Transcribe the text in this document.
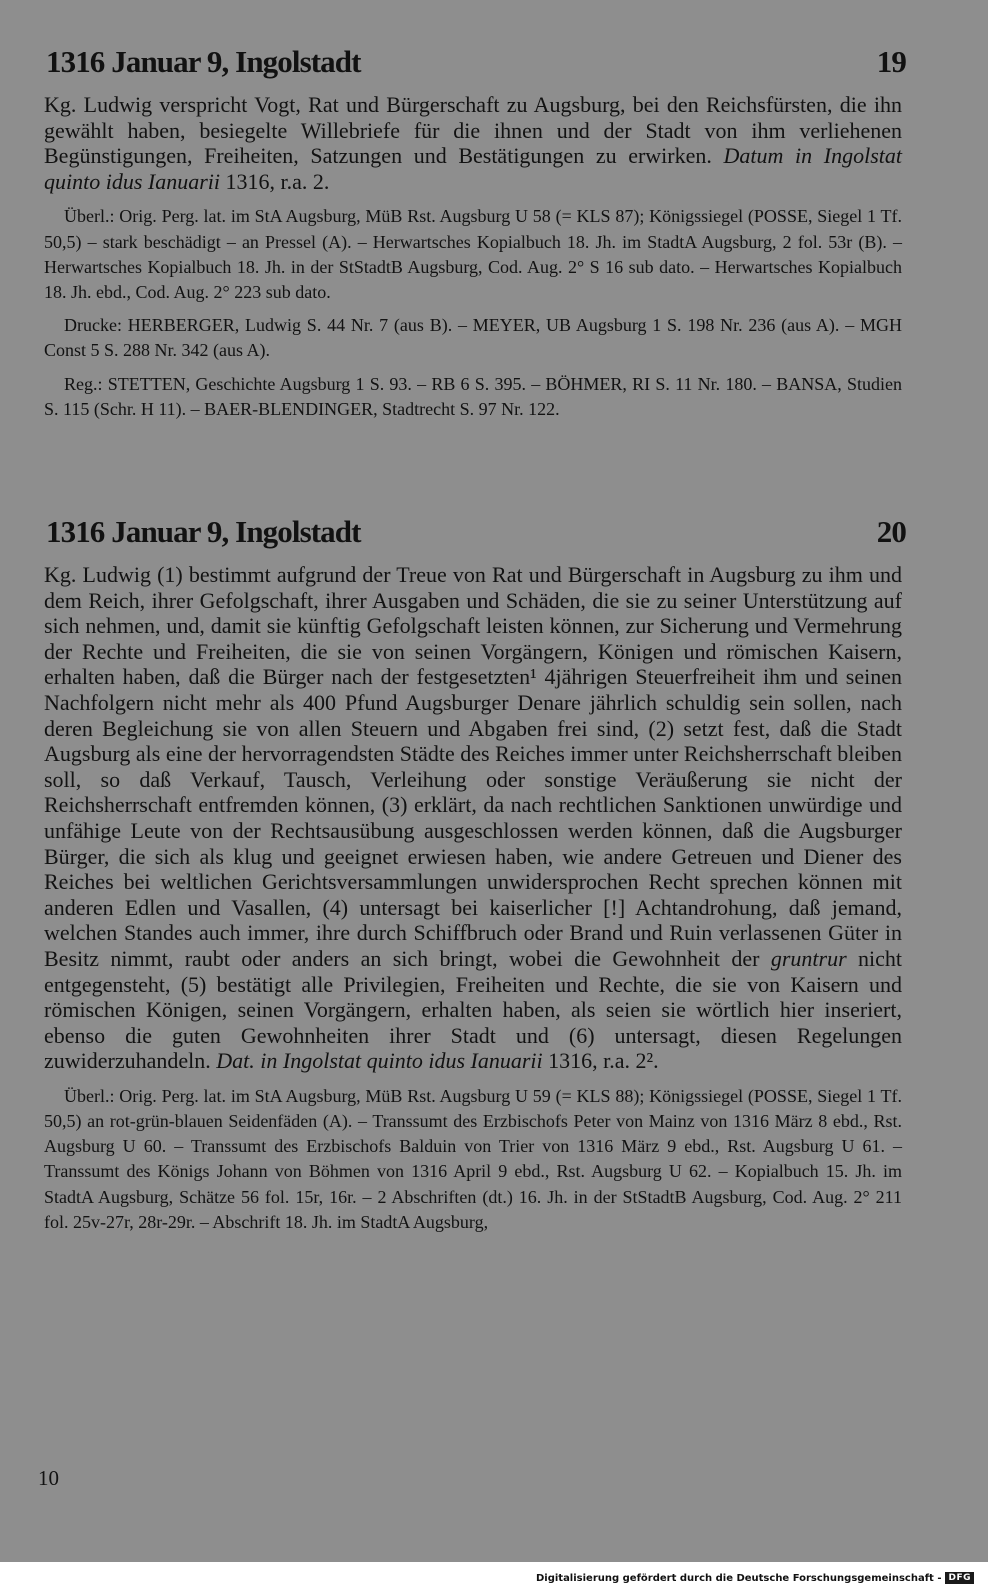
1316 Januar 9, Ingolstadt	19

Kg. Ludwig verspricht Vogt, Rat und Bürgerschaft zu Augsburg, bei den Reichsfürsten, die ihn gewählt haben, besiegelte Willebriefe für die ihnen und der Stadt von ihm verliehenen Begünstigungen, Freiheiten, Satzungen und Bestätigungen zu erwirken. Datum in Ingolstat quinto idus Ianuarii 1316, r.a. 2.

Überl.: Orig. Perg. lat. im StA Augsburg, MüB Rst. Augsburg U 58 (= KLS 87); Königssiegel (POSSE, Siegel 1 Tf. 50,5) – stark beschädigt – an Pressel (A). – Herwartsches Kopialbuch 18. Jh. im StadtA Augsburg, 2 fol. 53r (B). – Herwartsches Kopialbuch 18. Jh. in der StStadtB Augsburg, Cod. Aug. 2° S 16 sub dato. – Herwartsches Kopialbuch 18. Jh. ebd., Cod. Aug. 2° 223 sub dato.

Drucke: HERBERGER, Ludwig S. 44 Nr. 7 (aus B). – MEYER, UB Augsburg 1 S. 198 Nr. 236 (aus A). – MGH Const 5 S. 288 Nr. 342 (aus A).

Reg.: STETTEN, Geschichte Augsburg 1 S. 93. – RB 6 S. 395. – BÖHMER, RI S. 11 Nr. 180. – BANSA, Studien S. 115 (Schr. H 11). – BAER-BLENDINGER, Stadtrecht S. 97 Nr. 122.

1316 Januar 9, Ingolstadt	20

Kg. Ludwig (1) bestimmt aufgrund der Treue von Rat und Bürgerschaft in Augsburg zu ihm und dem Reich, ihrer Gefolgschaft, ihrer Ausgaben und Schäden, die sie zu seiner Unterstützung auf sich nehmen, und, damit sie künftig Gefolgschaft leisten können, zur Sicherung und Vermehrung der Rechte und Freiheiten, die sie von seinen Vorgängern, Königen und römischen Kaisern, erhalten haben, daß die Bürger nach der festgesetzten¹ 4jährigen Steuerfreiheit ihm und seinen Nachfolgern nicht mehr als 400 Pfund Augsburger Denare jährlich schuldig sein sollen, nach deren Begleichung sie von allen Steuern und Abgaben frei sind, (2) setzt fest, daß die Stadt Augsburg als eine der hervorragendsten Städte des Reiches immer unter Reichsherrschaft bleiben soll, so daß Verkauf, Tausch, Verleihung oder sonstige Veräußerung sie nicht der Reichsherrschaft entfremden können, (3) erklärt, da nach rechtlichen Sanktionen unwürdige und unfähige Leute von der Rechtsausübung ausgeschlossen werden können, daß die Augsburger Bürger, die sich als klug und geeignet erwiesen haben, wie andere Getreuen und Diener des Reiches bei weltlichen Gerichtsversammlungen unwidersprochen Recht sprechen können mit anderen Edlen und Vasallen, (4) untersagt bei kaiserlicher [!] Achtandrohung, daß jemand, welchen Standes auch immer, ihre durch Schiffbruch oder Brand und Ruin verlassenen Güter in Besitz nimmt, raubt oder anders an sich bringt, wobei die Gewohnheit der gruntrur nicht entgegensteht, (5) bestätigt alle Privilegien, Freiheiten und Rechte, die sie von Kaisern und römischen Königen, seinen Vorgängern, erhalten haben, als seien sie wörtlich hier inseriert, ebenso die guten Gewohnheiten ihrer Stadt und (6) untersagt, diesen Regelungen zuwiderzuhandeln. Dat. in Ingolstat quinto idus Ianuarii 1316, r.a. 2².

Überl.: Orig. Perg. lat. im StA Augsburg, MüB Rst. Augsburg U 59 (= KLS 88); Königssiegel (POSSE, Siegel 1 Tf. 50,5) an rot-grün-blauen Seidenfäden (A). – Transsumt des Erzbischofs Peter von Mainz von 1316 März 8 ebd., Rst. Augsburg U 60. – Transsumt des Erzbischofs Balduin von Trier von 1316 März 9 ebd., Rst. Augsburg U 61. – Transsumt des Königs Johann von Böhmen von 1316 April 9 ebd., Rst. Augsburg U 62. – Kopialbuch 15. Jh. im StadtA Augsburg, Schätze 56 fol. 15r, 16r. – 2 Abschriften (dt.) 16. Jh. in der StStadtB Augsburg, Cod. Aug. 2° 211 fol. 25v-27r, 28r-29r. – Abschrift 18. Jh. im StadtA Augsburg,

10
Digitalisierung gefördert durch die Deutsche Forschungsgemeinschaft - DFG
